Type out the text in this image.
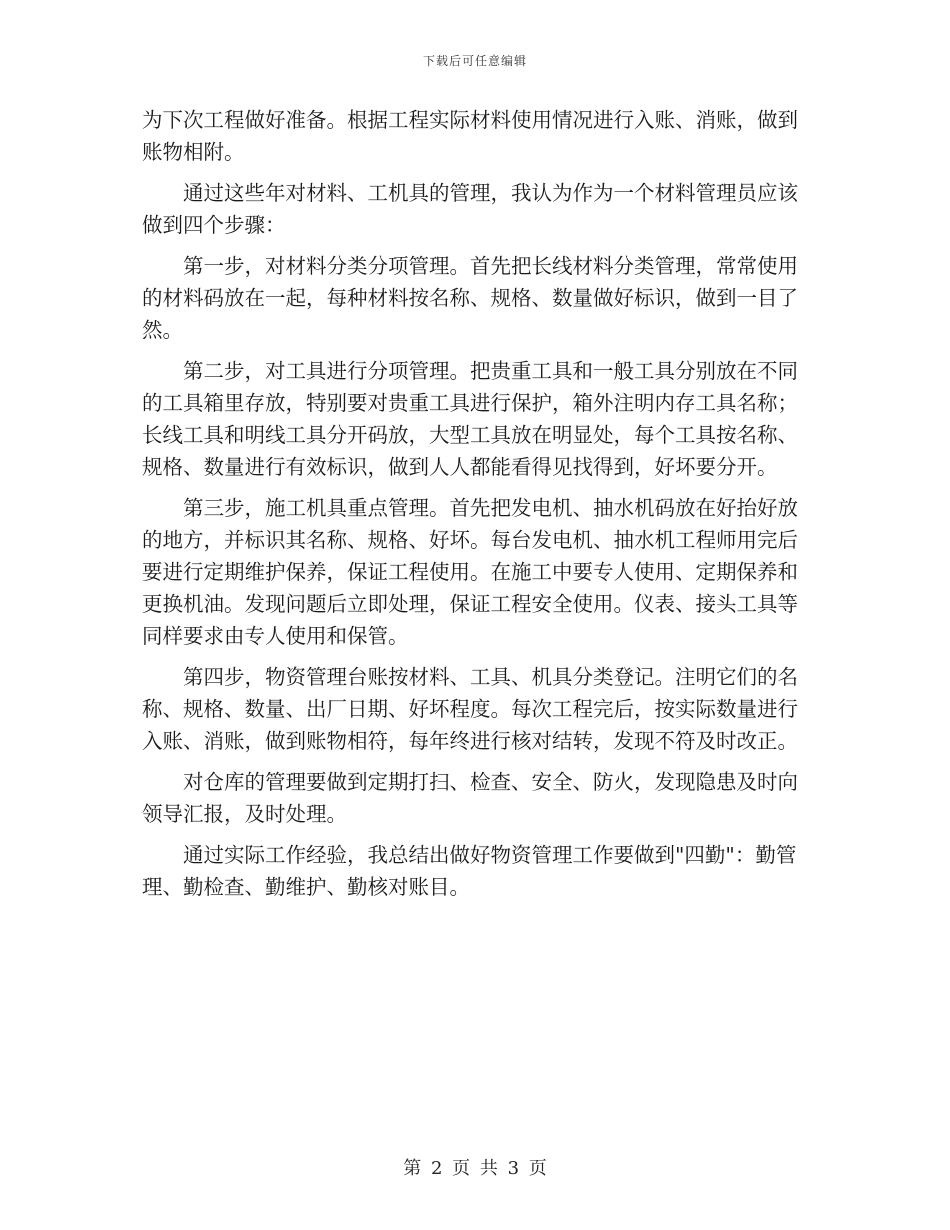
下载后可任意编辑

为下次工程做好准备。根据工程实际材料使用情况进行入账、消账，做到账物相附。

通过这些年对材料、工机具的管理，我认为作为一个材料管理员应该做到四个步骤：

第一步，对材料分类分项管理。首先把长线材料分类管理，常常使用的材料码放在一起，每种材料按名称、规格、数量做好标识，做到一目了然。

第二步，对工具进行分项管理。把贵重工具和一般工具分别放在不同的工具箱里存放，特别要对贵重工具进行保护，箱外注明内存工具名称；长线工具和明线工具分开码放，大型工具放在明显处，每个工具按名称、规格、数量进行有效标识，做到人人都能看得见找得到，好坏要分开。

第三步，施工机具重点管理。首先把发电机、抽水机码放在好抬好放的地方，并标识其名称、规格、好坏。每台发电机、抽水机工程师用完后要进行定期维护保养，保证工程使用。在施工中要专人使用、定期保养和更换机油。发现问题后立即处理，保证工程安全使用。仪表、接头工具等同样要求由专人使用和保管。

第四步，物资管理台账按材料、工具、机具分类登记。注明它们的名称、规格、数量、出厂日期、好坏程度。每次工程完后，按实际数量进行入账、消账，做到账物相符，每年终进行核对结转，发现不符及时改正。

对仓库的管理要做到定期打扫、检查、安全、防火，发现隐患及时向领导汇报，及时处理。

通过实际工作经验，我总结出做好物资管理工作要做到"四勤"：勤管理、勤检查、勤维护、勤核对账目。

第 2 页 共 3 页
